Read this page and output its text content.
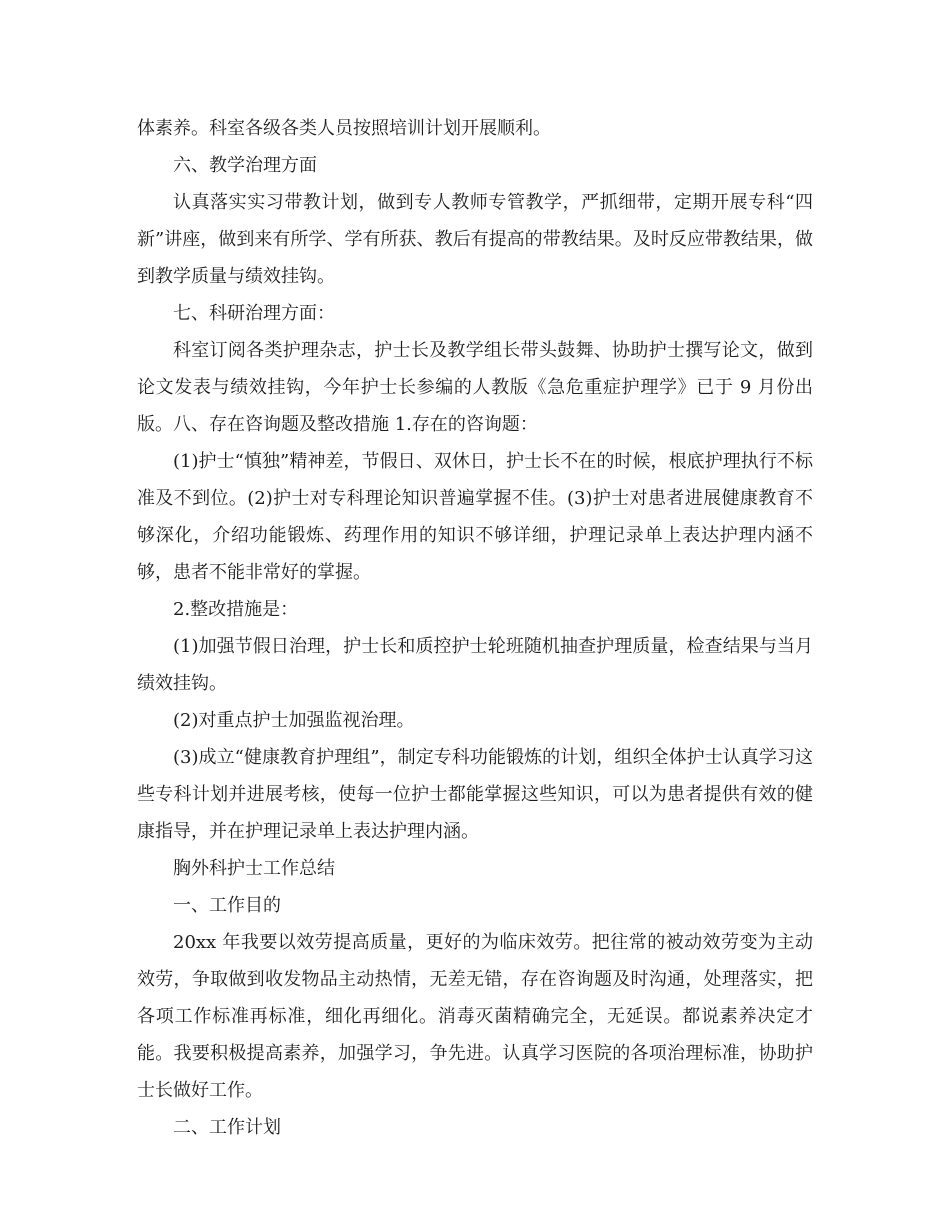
体素养。科室各级各类人员按照培训计划开展顺利。

六、教学治理方面

认真落实实习带教计划，做到专人教师专管教学，严抓细带，定期开展专科“四新”讲座，做到来有所学、学有所获、教后有提高的带教结果。及时反应带教结果，做到教学质量与绩效挂钩。

七、科研治理方面：

科室订阅各类护理杂志，护士长及教学组长带头鼓舞、协助护士撰写论文，做到论文发表与绩效挂钩，今年护士长参编的人教版《急危重症护理学》已于 9 月份出版。八、存在咨询题及整改措施 1.存在的咨询题：

(1)护士“慎独”精神差，节假日、双休日，护士长不在的时候，根底护理执行不标准及不到位。(2)护士对专科理论知识普遍掌握不佳。(3)护士对患者进展健康教育不够深化，介绍功能锻炼、药理作用的知识不够详细，护理记录单上表达护理内涵不够，患者不能非常好的掌握。

2.整改措施是：

(1)加强节假日治理，护士长和质控护士轮班随机抽查护理质量，检查结果与当月绩效挂钩。

(2)对重点护士加强监视治理。

(3)成立“健康教育护理组”，制定专科功能锻炼的计划，组织全体护士认真学习这些专科计划并进展考核，使每一位护士都能掌握这些知识，可以为患者提供有效的健康指导，并在护理记录单上表达护理内涵。

胸外科护士工作总结

一、工作目的

20xx 年我要以效劳提高质量，更好的为临床效劳。把往常的被动效劳变为主动效劳，争取做到收发物品主动热情，无差无错，存在咨询题及时沟通，处理落实，把各项工作标准再标准，细化再细化。消毒灭菌精确完全，无延误。都说素养决定才能。我要积极提高素养，加强学习，争先进。认真学习医院的各项治理标准，协助护士长做好工作。

二、工作计划
